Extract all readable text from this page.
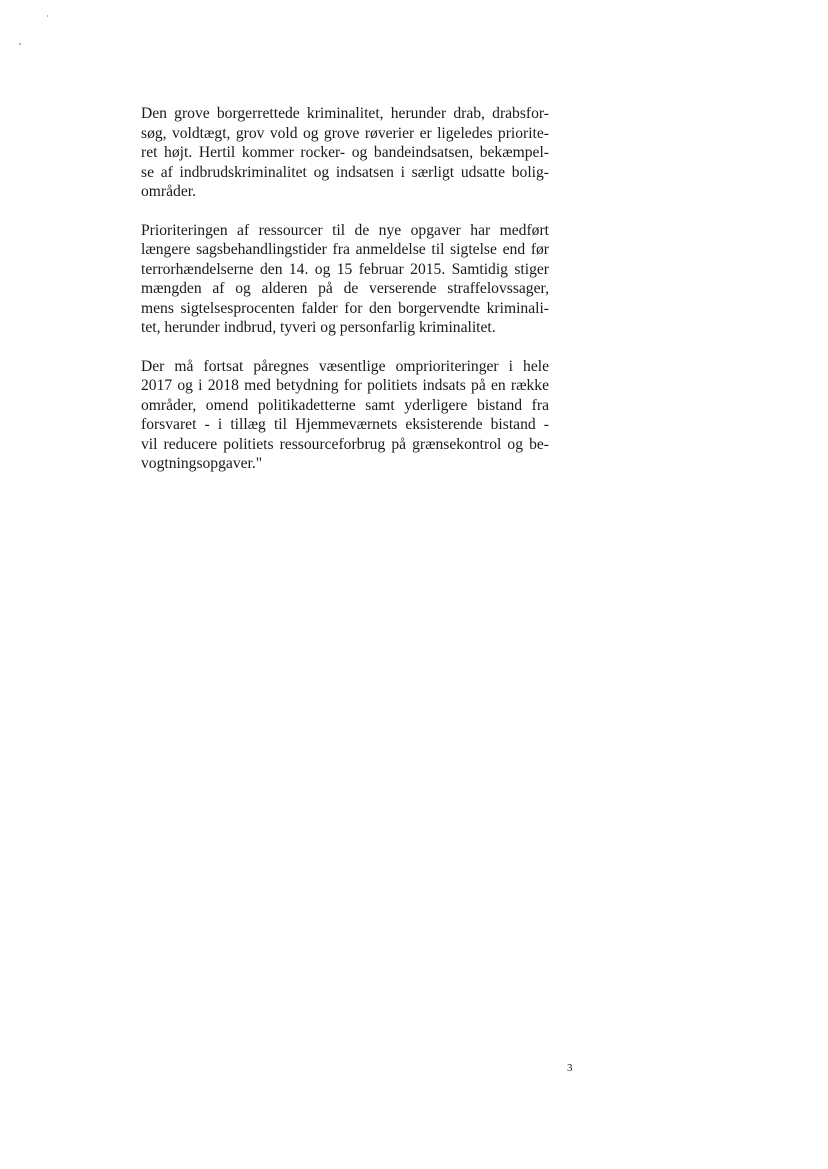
Den grove borgerrettede kriminalitet, herunder drab, drabsfor-
søg, voldtægt, grov vold og grove røverier er ligeledes priorite-
ret højt. Hertil kommer rocker- og bandeindsatsen, bekæmpel-
se af indbrudskriminalitet og indsatsen i særligt udsatte bolig-
områder.

Prioriteringen af ressourcer til de nye opgaver har medført
længere sagsbehandlingstider fra anmeldelse til sigtelse end før
terrorhændelserne den 14. og 15 februar 2015. Samtidig stiger
mængden af og alderen på de verserende straffelovssager,
mens sigtelsesprocenten falder for den borgervendte kriminali-
tet, herunder indbrud, tyveri og personfarlig kriminalitet.

Der må fortsat påregnes væsentlige omprioriteringer i hele
2017 og i 2018 med betydning for politiets indsats på en række
områder, omend politikadetterne samt yderligere bistand fra
forsvaret - i tillæg til Hjemmeværnets eksisterende bistand -
vil reducere politiets ressourceforbrug på grænsekontrol og be-
vogtningsopgaver."

3
